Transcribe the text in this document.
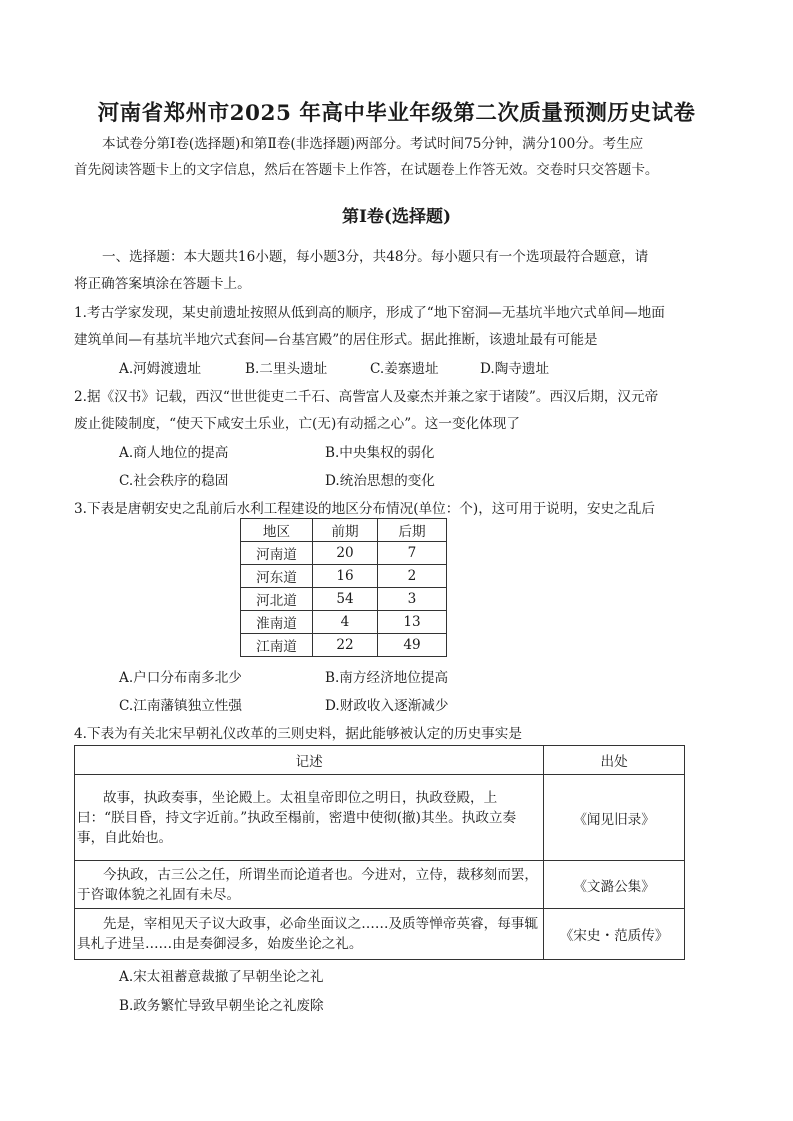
河南省郑州市2025 年高中毕业年级第二次质量预测历史试卷
本试卷分第Ⅰ卷(选择题)和第Ⅱ卷(非选择题)两部分。考试时间75分钟，满分100分。考生应
首先阅读答题卡上的文字信息，然后在答题卡上作答，在试题卷上作答无效。交卷时只交答题卡。
第Ⅰ卷(选择题)
一、选择题：本大题共16小题，每小题3分，共48分。每小题只有一个选项最符合题意，请
将正确答案填涂在答题卡上。
1.考古学家发现，某史前遗址按照从低到高的顺序，形成了“地下窑洞—无基坑半地穴式单间—地面
建筑单间—有基坑半地穴式套间—台基宫殿”的居住形式。据此推断，该遗址最有可能是
A.河姆渡遗址	B.二里头遗址	C.姜寨遗址	D.陶寺遗址
2.据《汉书》记载，西汉“世世徙吏二千石、高訾富人及豪杰并兼之家于诸陵”。西汉后期，汉元帝
废止徙陵制度，“使天下咸安土乐业，亡(无)有动摇之心”。这一变化体现了
A.商人地位的提高	B.中央集权的弱化
C.社会秩序的稳固	D.统治思想的变化
3.下表是唐朝安史之乱前后水利工程建设的地区分布情况(单位：个)，这可用于说明，安史之乱后
地区	前期	后期
河南道	20	7
河东道	16	2
河北道	54	3
淮南道	4	13
江南道	22	49
A.户口分布南多北少	B.南方经济地位提高
C.江南藩镇独立性强	D.财政收入逐渐减少
4.下表为有关北宋早朝礼仪改革的三则史料，据此能够被认定的历史事实是
记述	出处
故事，执政奏事，坐论殿上。太祖皇帝即位之明日，执政登殿，上曰：“朕目昏，持文字近前。”执政至榻前，密遣中使彻(撤)其坐。执政立奏事，自此始也。	《闻见旧录》
今执政，古三公之任，所谓坐而论道者也。今进对，立侍，裁移刻而罢，于咨诹体貌之礼固有未尽。	《文潞公集》
先是，宰相见天子议大政事，必命坐面议之……及质等惮帝英睿，每事辄具札子进呈……由是奏御浸多，始废坐论之礼。	《宋史・范质传》
A.宋太祖蓄意裁撤了早朝坐论之礼
B.政务繁忙导致早朝坐论之礼废除
